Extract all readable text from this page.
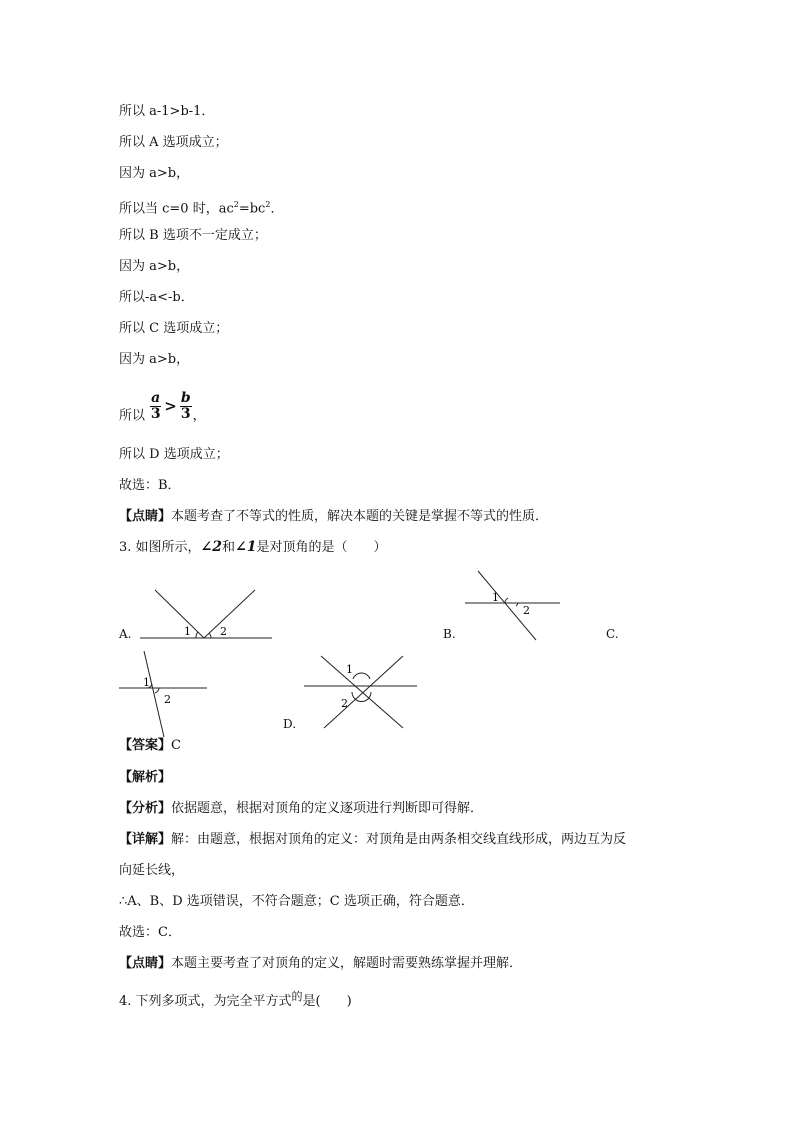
所以 a-1>b-1．
所以 A 选项成立；
因为 a>b，
所以当 c=0 时，$ac^2=bc^2$．
所以 B 选项不一定成立；
因为 a>b，
所以-a<-b．
所以 C 选项成立；
因为 a>b，
所以 $\frac{a}{3} > \frac{b}{3}$ ，
所以 D 选项成立；
故选：B．
【点睛】本题考查了不等式的性质，解决本题的关键是掌握不等式的性质．
3. 如图所示，∠2和∠1是对顶角的是（　　）
A.	1	2	B.
1
2
C.
1
2
1
2
D.
【答案】C
【解析】
【分析】依据题意，根据对顶角的定义逐项进行判断即可得解．
【详解】解：由题意，根据对顶角的定义：对顶角是由两条相交线直线形成，两边互为反
向延长线，
∴A、B、D 选项错误，不符合题意；C 选项正确，符合题意．
故选：C．
【点睛】本题主要考查了对顶角的定义，解题时需要熟练掌握并理解．
4. 下列多项式，为完全平方式$^的$是(　　)
